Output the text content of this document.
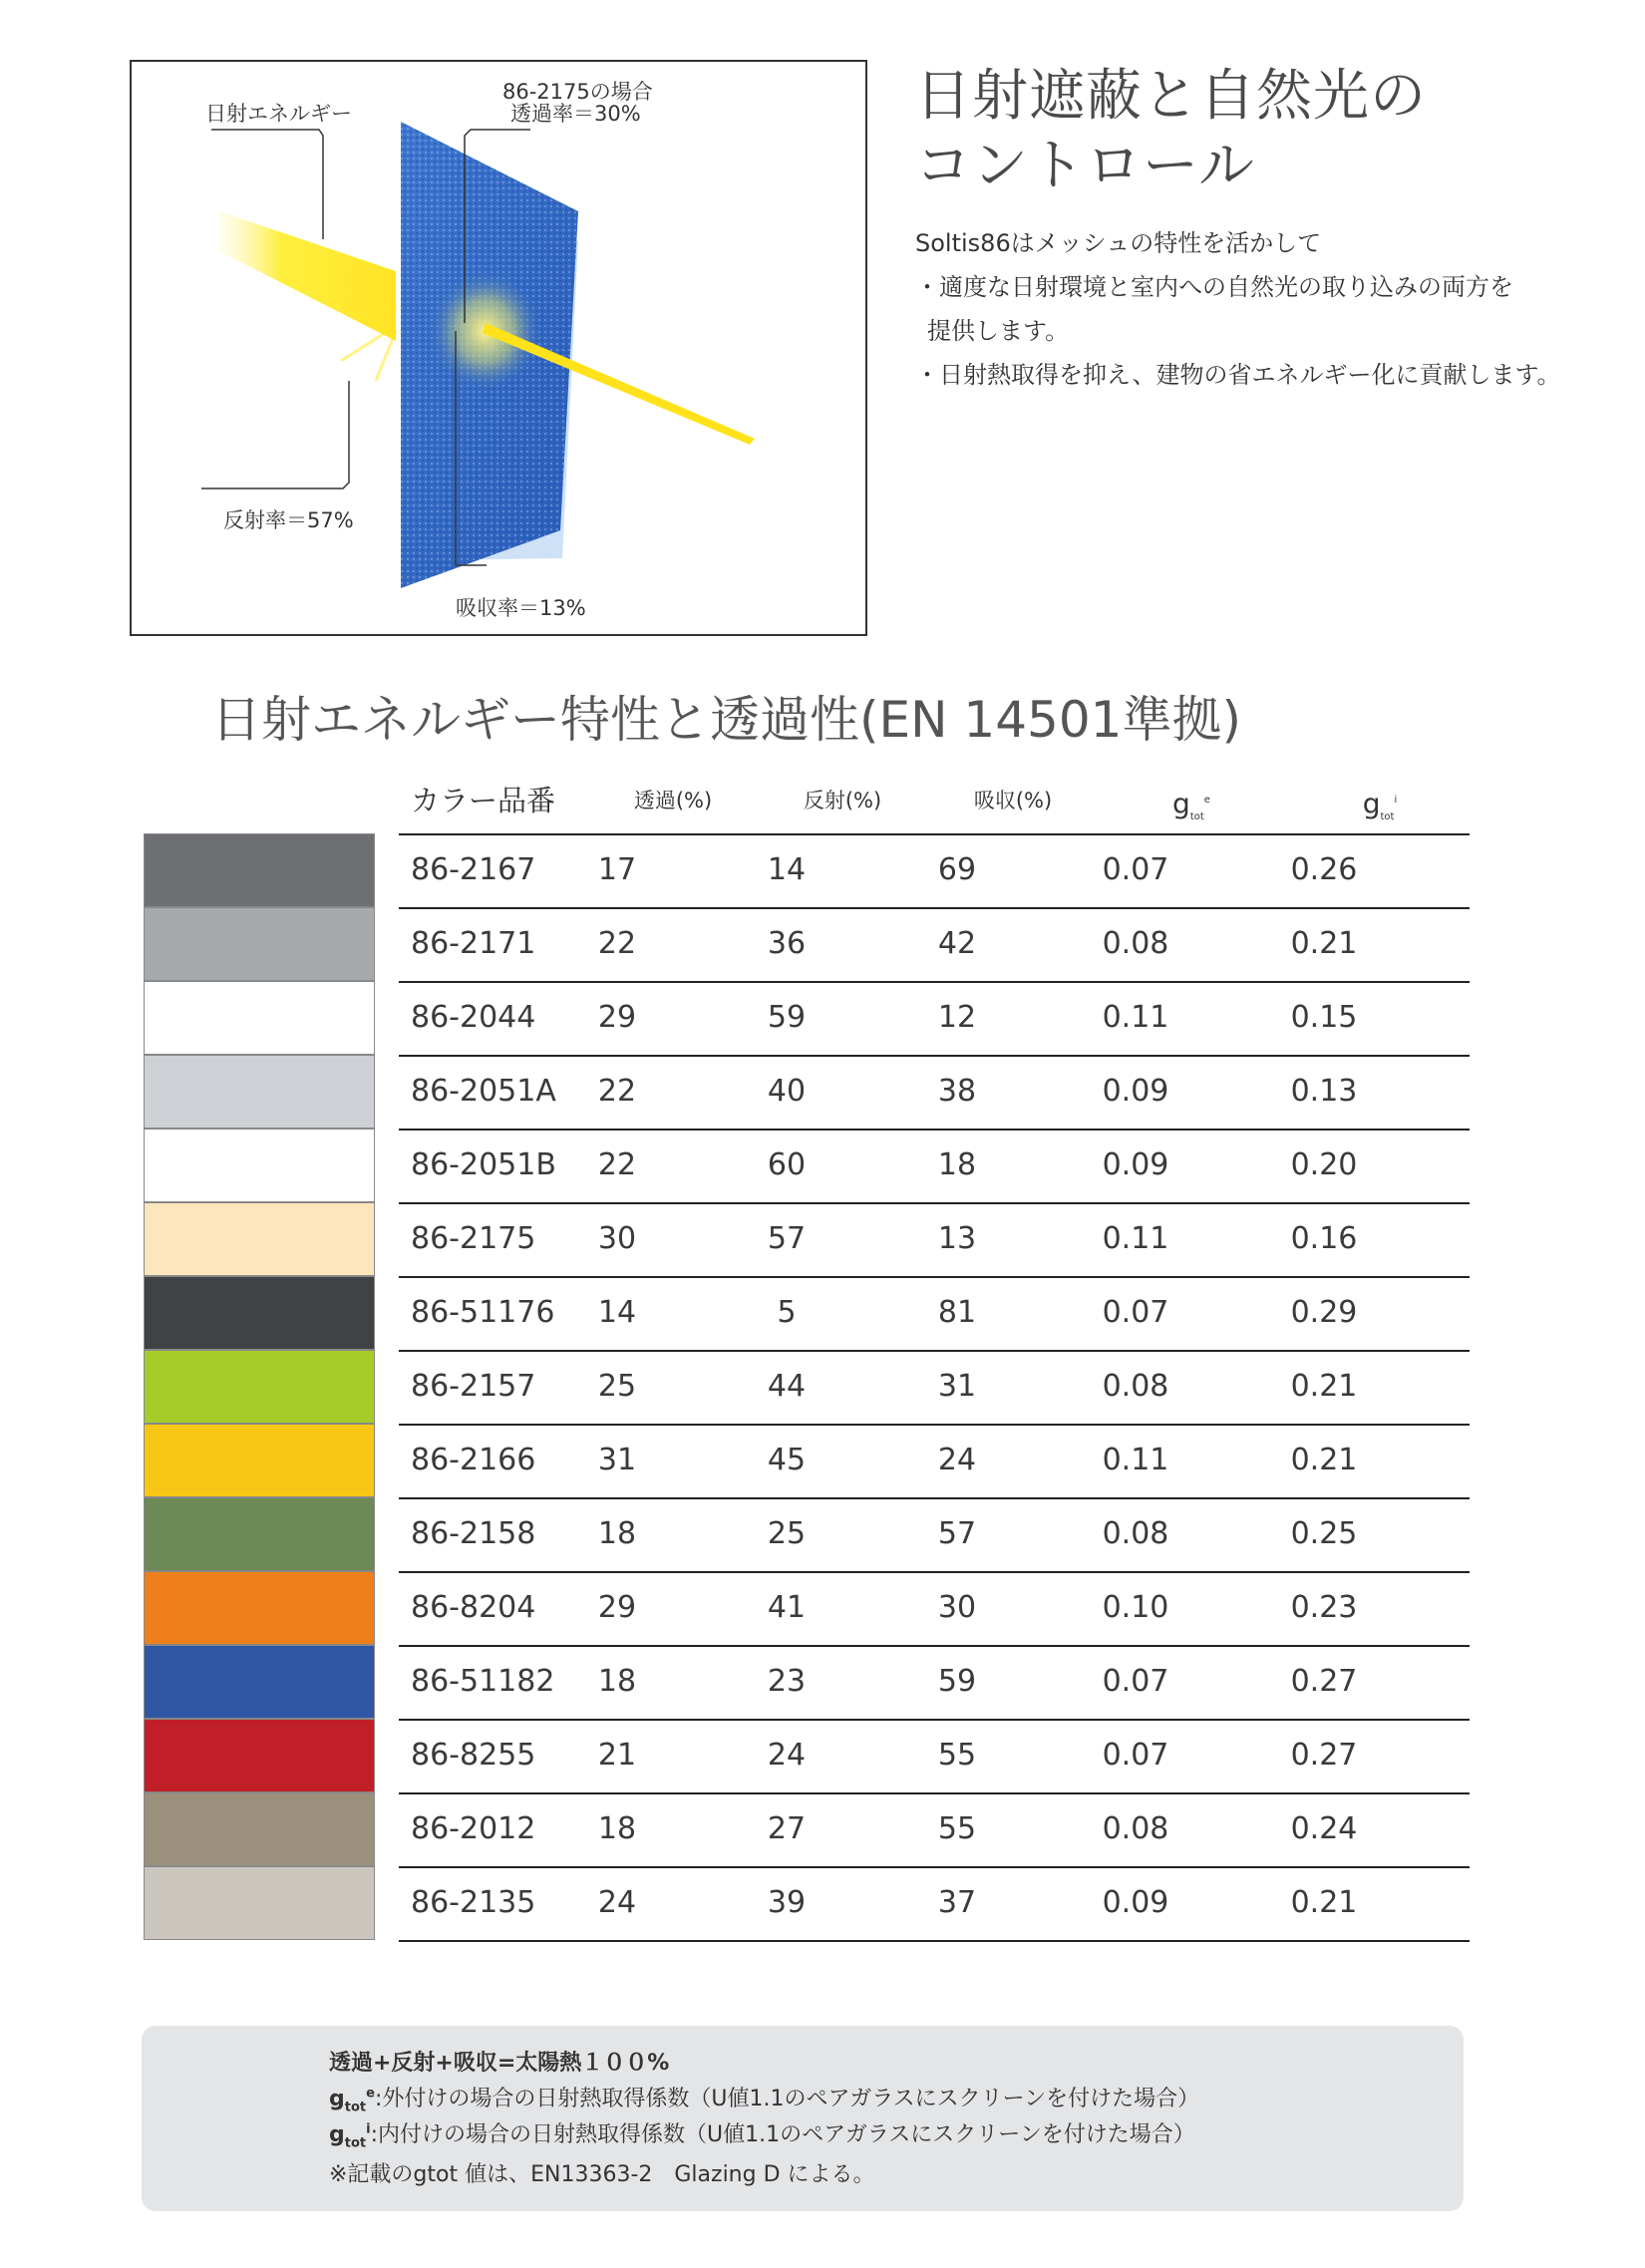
86-2175の場合
日射エネルギー	透過率＝30%
反射率＝57%
吸収率＝13%
日射遮蔽と自然光の
コントロール
Soltis86はメッシュの特性を活かして
・適度な日射環境と室内への自然光の取り込みの両方を
提供します。
・日射熱取得を抑え、建物の省エネルギー化に貢献します。
日射エネルギー特性と透過性(EN 14501準拠)
カラー品番	透過(%)	反射(%)	吸収(%)	$g_{tot}^e$	$g_{tot}^i$
86-2167	17	14	69	0.07	0.26
86-2171	22	36	42	0.08	0.21
86-2044	29	59	12	0.11	0.15
86-2051A	22	40	38	0.09	0.13
86-2051B	22	60	18	0.09	0.20
86-2175	30	57	13	0.11	0.16
86-51176	14	5	81	0.07	0.29
86-2157	25	44	31	0.08	0.21
86-2166	31	45	24	0.11	0.21
86-2158	18	25	57	0.08	0.25
86-8204	29	41	30	0.10	0.23
86-51182	18	23	59	0.07	0.27
86-8255	21	24	55	0.07	0.27
86-2012	18	27	55	0.08	0.24
86-2135	24	39	37	0.09	0.21
透過+反射+吸収=太陽熱１００%
$g_{tot}^e$:外付けの場合の日射熱取得係数（U値1.1のペアガラスにスクリーンを付けた場合）
$g_{tot}^i$:内付けの場合の日射熱取得係数（U値1.1のペアガラスにスクリーンを付けた場合）
※記載のgtot 値は、EN13363-2　Glazing D による。
